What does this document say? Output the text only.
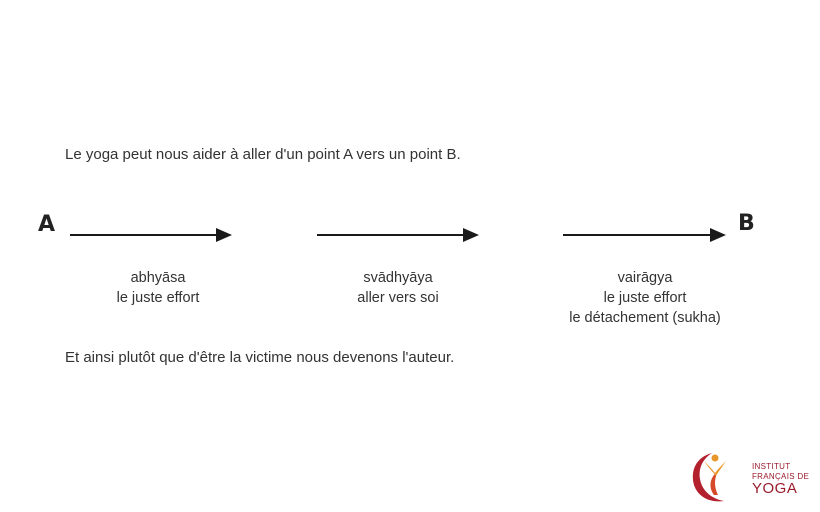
Le yoga peut nous aider à aller d'un point A vers un point B.
A	B
abhyāsa
le juste effort
svādhyāya
aller vers soi
vairāgya
le juste effort
le détachement (sukha)
Et ainsi plutôt que d'être la victime nous devenons l'auteur.
INSTITUT
FRANÇAIS DE
YOGA
